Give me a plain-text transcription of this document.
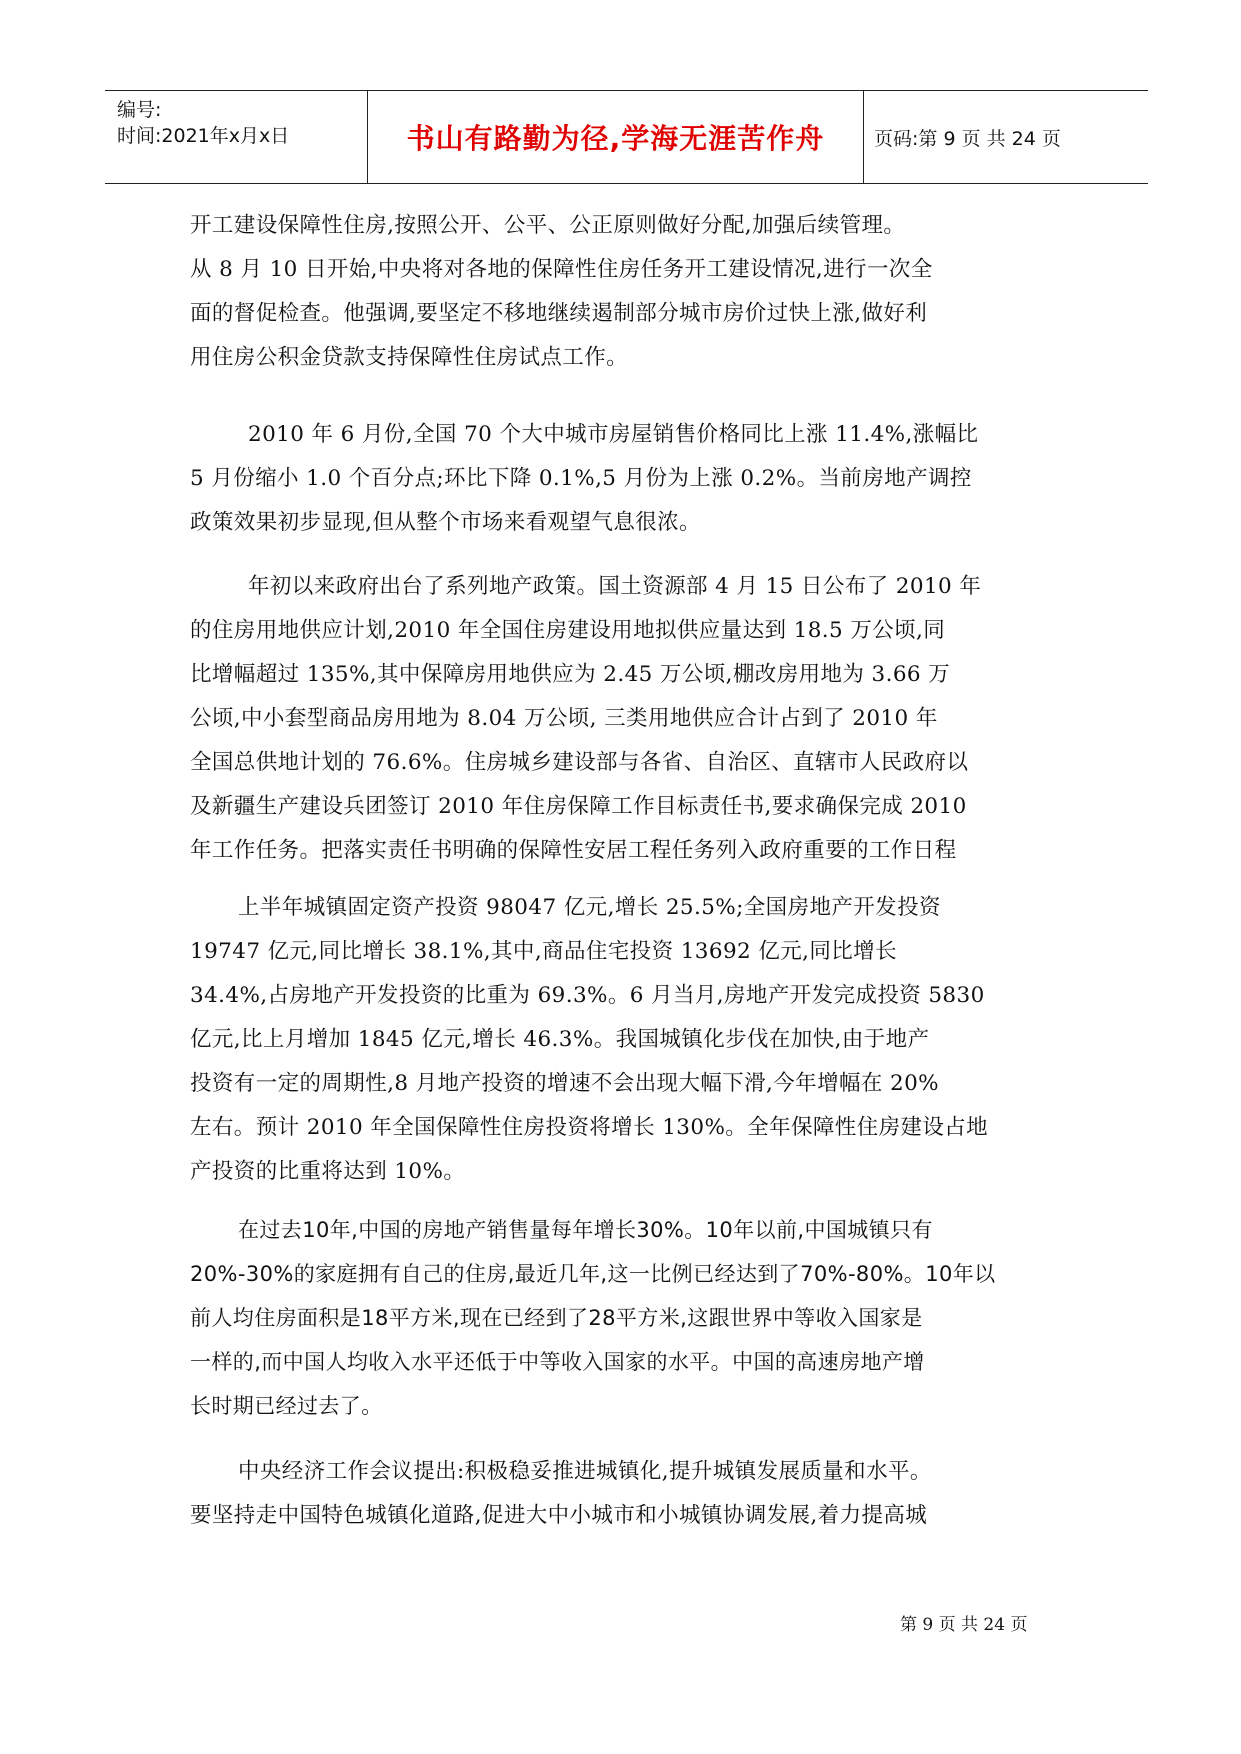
编号:
时间:2021年x月x日	书山有路勤为径,学海无涯苦作舟	页码:第 9 页 共 24 页
开工建设保障性住房,按照公开、公平、公正原则做好分配,加强后续管理。
从 8 月 10 日开始,中央将对各地的保障性住房任务开工建设情况,进行一次全
面的督促检查。他强调,要坚定不移地继续遏制部分城市房价过快上涨,做好利
用住房公积金贷款支持保障性住房试点工作。
2010 年 6 月份,全国 70 个大中城市房屋销售价格同比上涨 11.4%,涨幅比
5 月份缩小 1.0 个百分点;环比下降 0.1%,5 月份为上涨 0.2%。当前房地产调控
政策效果初步显现,但从整个市场来看观望气息很浓。
年初以来政府出台了系列地产政策。国土资源部 4 月 15 日公布了 2010 年
的住房用地供应计划,2010 年全国住房建设用地拟供应量达到 18.5 万公顷,同
比增幅超过 135%,其中保障房用地供应为 2.45 万公顷,棚改房用地为 3.66 万
公顷,中小套型商品房用地为 8.04 万公顷, 三类用地供应合计占到了 2010 年
全国总供地计划的 76.6%。住房城乡建设部与各省、自治区、直辖市人民政府以
及新疆生产建设兵团签订 2010 年住房保障工作目标责任书,要求确保完成 2010
年工作任务。把落实责任书明确的保障性安居工程任务列入政府重要的工作日程
上半年城镇固定资产投资 98047 亿元,增长 25.5%;全国房地产开发投资
19747 亿元,同比增长 38.1%,其中,商品住宅投资 13692 亿元,同比增长
34.4%,占房地产开发投资的比重为 69.3%。6 月当月,房地产开发完成投资 5830
亿元,比上月增加 1845 亿元,增长 46.3%。我国城镇化步伐在加快,由于地产
投资有一定的周期性,8 月地产投资的增速不会出现大幅下滑,今年增幅在 20%
左右。预计 2010 年全国保障性住房投资将增长 130%。全年保障性住房建设占地
产投资的比重将达到 10%。
在过去10年,中国的房地产销售量每年增长30%。10年以前,中国城镇只有
20%-30%的家庭拥有自己的住房,最近几年,这一比例已经达到了70%-80%。10年以
前人均住房面积是18平方米,现在已经到了28平方米,这跟世界中等收入国家是
一样的,而中国人均收入水平还低于中等收入国家的水平。中国的高速房地产增
长时期已经过去了。
中央经济工作会议提出:积极稳妥推进城镇化,提升城镇发展质量和水平。
要坚持走中国特色城镇化道路,促进大中小城市和小城镇协调发展,着力提高城
第 9 页 共 24 页
